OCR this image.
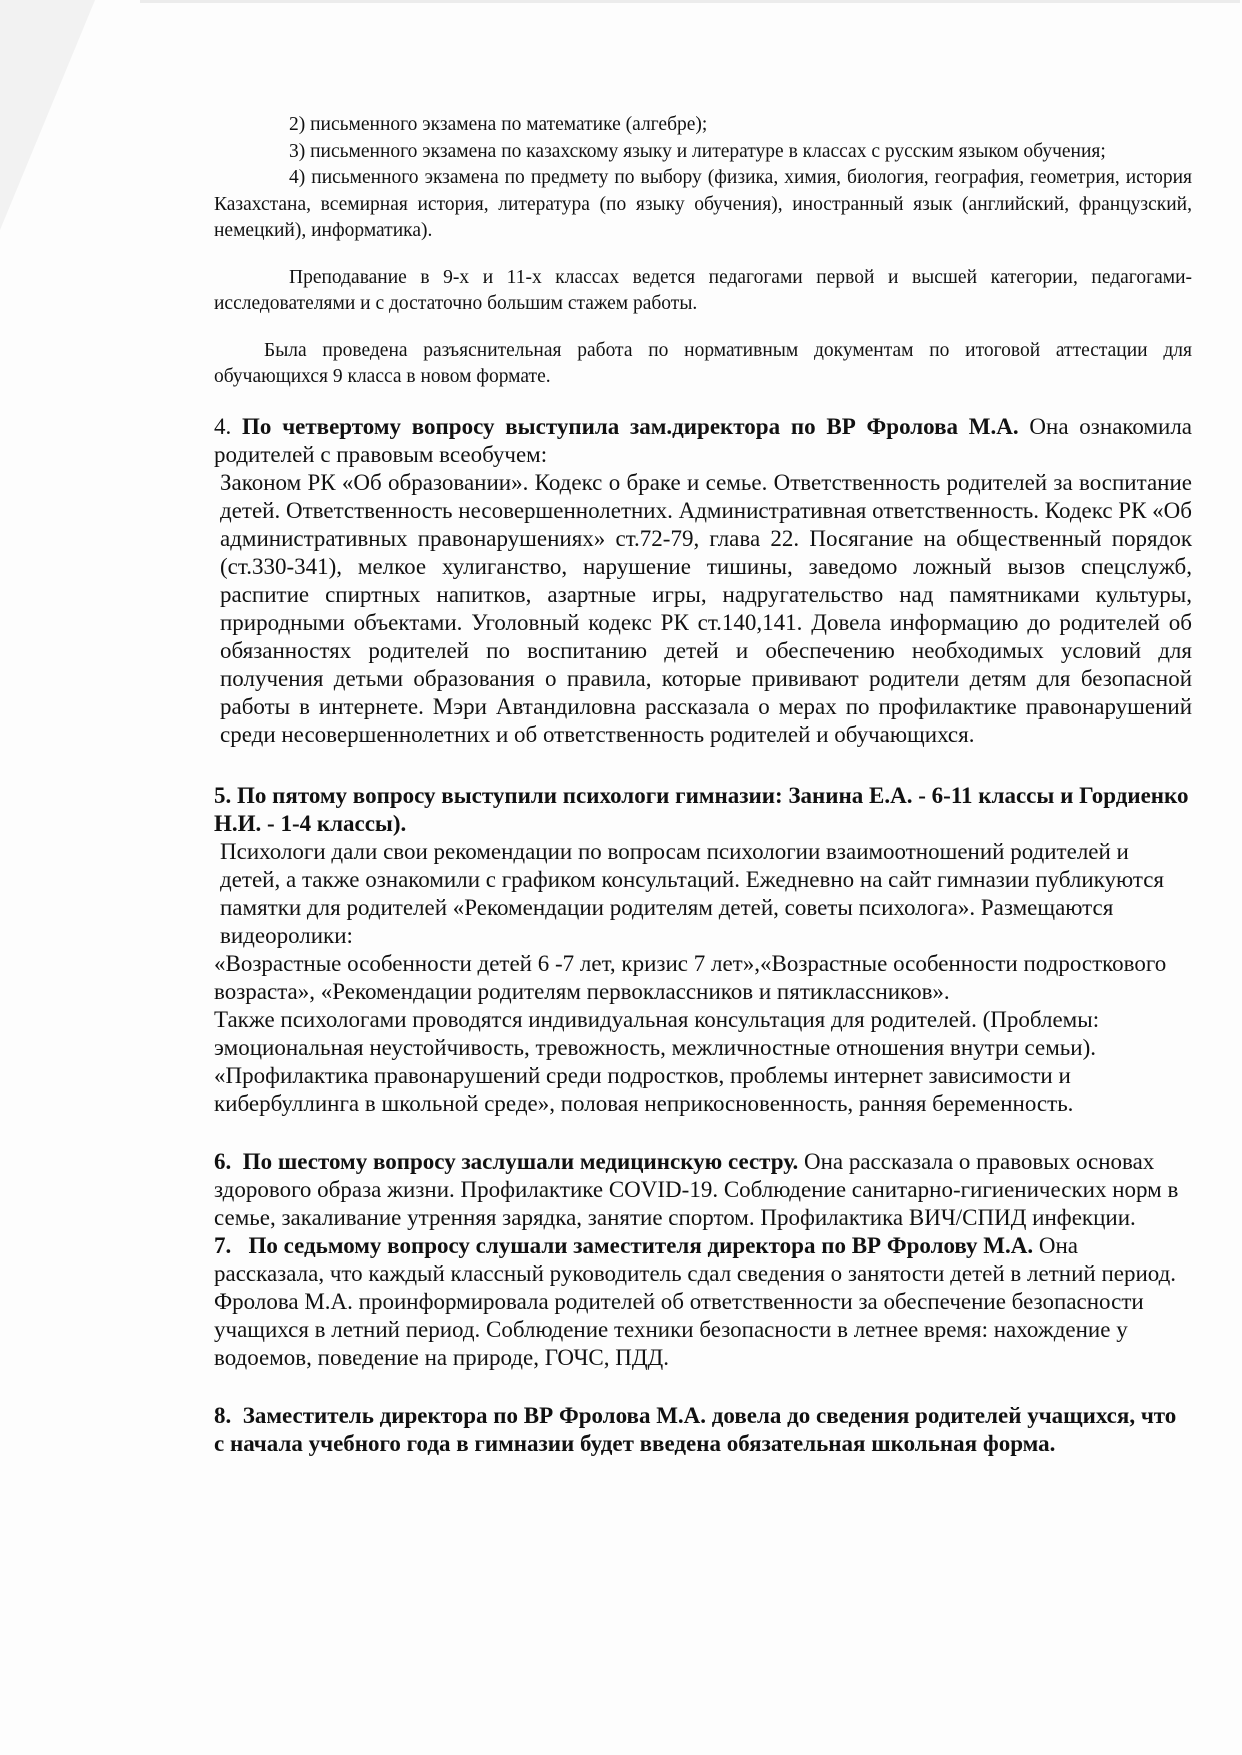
2) письменного экзамена по математике (алгебре);

3) письменного экзамена по казахскому языку и литературе в классах с русским языком обучения;

4) письменного экзамена по предмету по выбору (физика, химия, биология, география, геометрия, история Казахстана, всемирная история, литература (по языку обучения), иностранный язык (английский, французский, немецкий), информатика).

Преподавание в 9-х и 11-х классах ведется педагогами первой и высшей категории, педагогами-исследователями и с достаточно большим стажем работы.

Была проведена разъяснительная работа по нормативным документам по итоговой аттестации для обучающихся 9 класса в новом формате.

4. По четвертому вопросу выступила зам.директора по ВР Фролова М.А. Она ознакомила родителей с правовым всеобучем:

Законом РК «Об образовании». Кодекс о браке и семье. Ответственность родителей за воспитание детей. Ответственность несовершеннолетних. Административная ответственность. Кодекс РК «Об административных правонарушениях» ст.72-79, глава 22. Посягание на общественный порядок (ст.330-341), мелкое хулиганство, нарушение тишины, заведомо ложный вызов спецслужб, распитие спиртных напитков, азартные игры, надругательство над памятниками культуры, природными объектами. Уголовный кодекс РК ст.140,141. Довела информацию до родителей об обязанностях родителей по воспитанию детей и обеспечению необходимых условий для получения детьми образования о правила, которые прививают родители детям для безопасной работы в интернете. Мэри Автандиловна рассказала о мерах по профилактике правонарушений среди несовершеннолетних и об ответственность родителей и обучающихся.

5. По пятому вопросу выступили психологи гимназии: Занина Е.А. - 6-11 классы и Гордиенко Н.И. - 1-4 классы).

Психологи дали свои рекомендации по вопросам психологии взаимоотношений родителей и детей, а также ознакомили с графиком консультаций. Ежедневно на сайт гимназии публикуются памятки для родителей «Рекомендации родителям детей, советы психолога». Размещаются видеоролики:

«Возрастные особенности детей 6 -7 лет, кризис 7 лет»,«Возрастные особенности подросткового возраста», «Рекомендации родителям первоклассников и пятиклассников».

Также психологами проводятся индивидуальная консультация для родителей. (Проблемы: эмоциональная неустойчивость, тревожность, межличностные отношения внутри семьи).

«Профилактика правонарушений среди подростков, проблемы интернет зависимости и кибербуллинга в школьной среде», половая неприкосновенность, ранняя беременность.

6. По шестому вопросу заслушали медицинскую сестру. Она рассказала о правовых основах здорового образа жизни. Профилактике COVID-19. Соблюдение санитарно-гигиенических норм в семье, закаливание утренняя зарядка, занятие спортом. Профилактика ВИЧ/СПИД инфекции.

7. По седьмому вопросу слушали заместителя директора по ВР Фролову М.А. Она рассказала, что каждый классный руководитель сдал сведения о занятости детей в летний период. Фролова М.А. проинформировала родителей об ответственности за обеспечение безопасности учащихся в летний период. Соблюдение техники безопасности в летнее время: нахождение у водоемов, поведение на природе, ГОЧС, ПДД.

8. Заместитель директора по ВР Фролова М.А. довела до сведения родителей учащихся, что с начала учебного года в гимназии будет введена обязательная школьная форма.
